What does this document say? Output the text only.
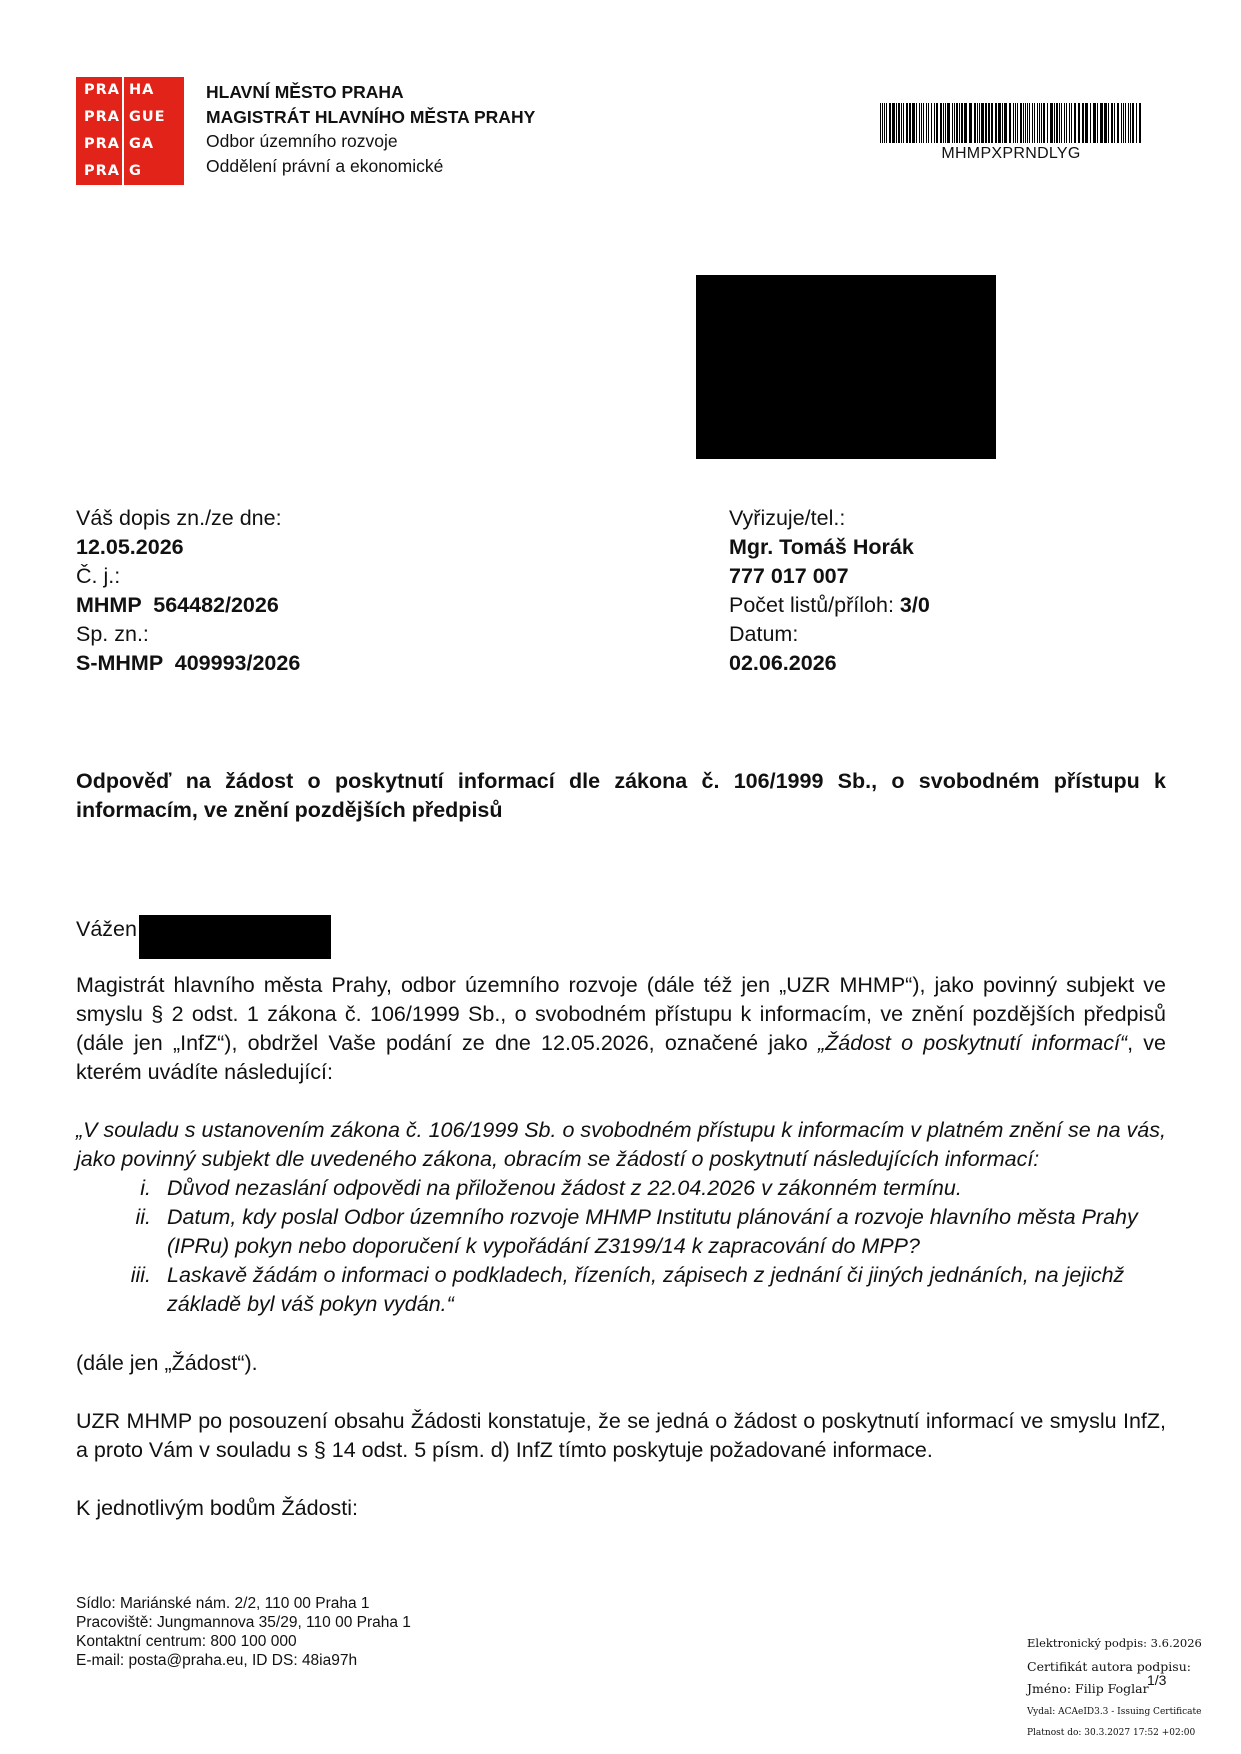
PRA HA
PRA GUE
PRA GA
PRA G
HLAVNÍ MĚSTO PRAHA
MAGISTRÁT HLAVNÍHO MĚSTA PRAHY
Odbor územního rozvoje
Oddělení právní a ekonomické
MHMPXPRNDLYG
Váš dopis zn./ze dne:
12.05.2026
Č. j.:
MHMP  564482/2026
Sp. zn.:
S-MHMP  409993/2026
Vyřizuje/tel.:
Mgr. Tomáš Horák
777 017 007
Počet listů/příloh: 3/0
Datum:
02.06.2026
Odpověď na žádost o poskytnutí informací dle zákona č. 106/1999 Sb., o svobodném přístupu k informacím, ve znění pozdějších předpisů
Vážen
Magistrát hlavního města Prahy, odbor územního rozvoje (dále též jen „UZR MHMP“), jako povinný subjekt ve smyslu § 2 odst. 1 zákona č. 106/1999 Sb., o svobodném přístupu k informacím, ve znění pozdějších předpisů (dále jen „InfZ“), obdržel Vaše podání ze dne 12.05.2026, označené jako „Žádost o poskytnutí informací“, ve kterém uvádíte následující:
„V souladu s ustanovením zákona č. 106/1999 Sb. o svobodném přístupu k informacím v platném znění se na vás, jako povinný subjekt dle uvedeného zákona, obracím se žádostí o poskytnutí následujících informací:
i. Důvod nezaslání odpovědi na přiloženou žádost z 22.04.2026 v zákonném termínu.
ii. Datum, kdy poslal Odbor územního rozvoje MHMP Institutu plánování a rozvoje hlavního města Prahy (IPRu) pokyn nebo doporučení k vypořádání Z3199/14 k zapracování do MPP?
iii. Laskavě žádám o informaci o podkladech, řízeních, zápisech z jednání či jiných jednáních, na jejichž základě byl váš pokyn vydán.“
(dále jen „Žádost“).
UZR MHMP po posouzení obsahu Žádosti konstatuje, že se jedná o žádost o poskytnutí informací ve smyslu InfZ, a proto Vám v souladu s § 14 odst. 5 písm. d) InfZ tímto poskytuje požadované informace.
K jednotlivým bodům Žádosti:
Sídlo: Mariánské nám. 2/2, 110 00 Praha 1
Pracoviště: Jungmannova 35/29, 110 00 Praha 1
Kontaktní centrum: 800 100 000
E-mail: posta@praha.eu, ID DS: 48ia97h
Elektronický podpis: 3.6.2026
Certifikát autora podpisu:
Jméno: Filip Foglar
Vydal: ACAeID3.3 - Issuing Certificate
Platnost do: 30.3.2027 17:52 +02:00
1/3
